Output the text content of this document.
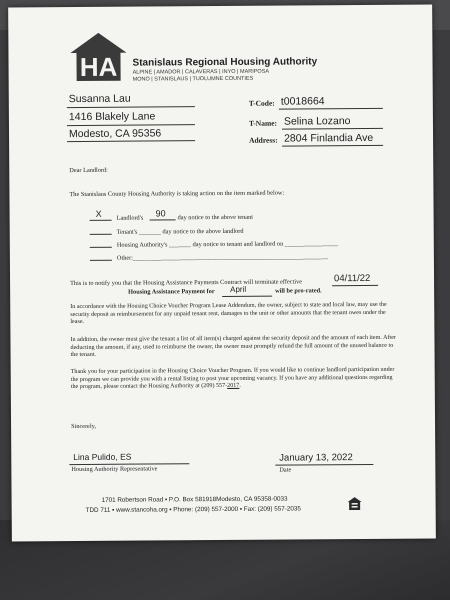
HA Stanislaus Regional Housing Authority
ALPINE | AMADOR | CALAVERAS | INYO | MARIPOSA
MONO | STANISLAUS | TUOLUMNE COUNTIES
Susanna Lau
1416 Blakely Lane
Modesto, CA 95356
T-Code: t0018664
T-Name: Selina Lozano
Address: 2804 Finlandia Ave
Dear Landlord:
The Stanislaus County Housing Authority is taking action on the item marked below:
X Landlord's 90 day notice to the above tenant
Tenant's _______ day notice to the above landlord
Housing Authority's _______ day notice to tenant and landlord on _________________
Other:______________________________________________________________
This is to notify you that the Housing Assistance Payments Contract will terminate effective	04/11/22
Housing Assistance Payment for April	will be pro-rated.
In accordance with the Housing Choice Voucher Program Lease Addendum, the owner, subject to state and local law, may use the security deposit as reimbursement for any unpaid tenant rent, damages to the unit or other amounts that the tenant owes under the lease.
In addition, the owner must give the tenant a list of all item(s) charged against the security deposit and the amount of each item. After deducting the amount, if any, used to reimburse the owner, the owner must promptly refund the full amount of the unused balance to the tenant.
Thank you for your participation in the Housing Choice Voucher Program. If you would like to continue landlord participation under the program we can provide you with a rental listing to post your upcoming vacancy. If you have any additional questions regarding the program, please contact the Housing Authority at (209) 557-2017.
Sincerely,
Lina Pulido, ES
Housing Authority Representative
January 13, 2022
Date
1701 Robertson Road ▪ P.O. Box 581918Modesto, CA 95358-0033
TDD 711 ▪ www.stancoha.org ▪ Phone: (209) 557-2000 ▪ Fax: (209) 557-2035
